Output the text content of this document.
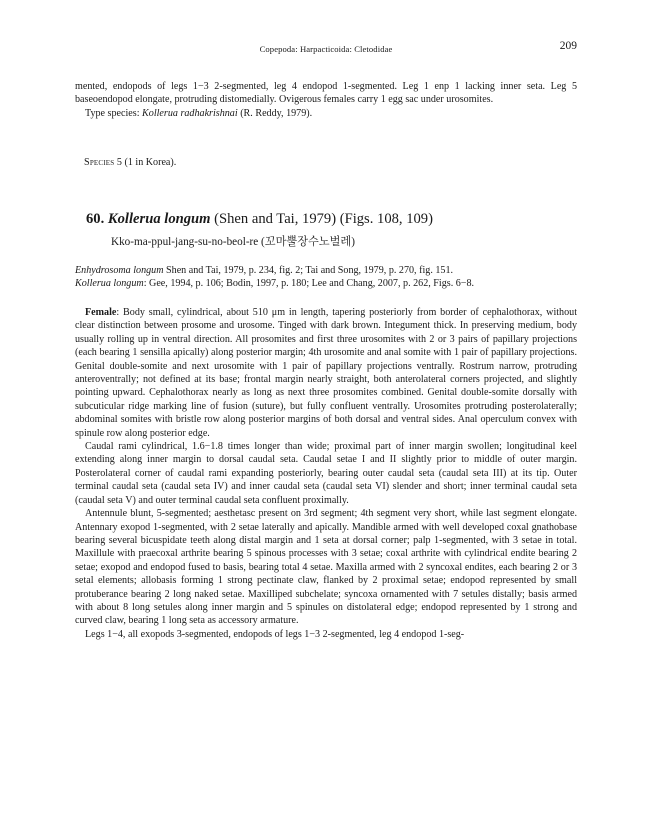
Copepoda: Harpacticoida: Cletodidae	209

mented, endopods of legs 1−3 2-segmented, leg 4 endopod 1-segmented. Leg 1 enp 1 lacking inner seta. Leg 5 baseoendopod elongate, protruding distomedially. Ovigerous females carry 1 egg sac under urosomites.

Type species: Kollerua radhakrishnai (R. Reddy, 1979).

Species 5 (1 in Korea).
60. Kollerua longum (Shen and Tai, 1979) (Figs. 108, 109)
Kko-ma-ppul-jang-su-no-beol-re (꼬마뿔장수노벌레)

Enhydrosoma longum Shen and Tai, 1979, p. 234, fig. 2; Tai and Song, 1979, p. 270, fig. 151.

Kollerua longum: Gee, 1994, p. 106; Bodin, 1997, p. 180; Lee and Chang, 2007, p. 262, Figs. 6−8.

Female: Body small, cylindrical, about 510 μm in length, tapering posteriorly from border of cephalothorax, without clear distinction between prosome and urosome. Tinged with dark brown. Integument thick. In preserving medium, body usually rolling up in ventral direction. All prosomites and first three urosomites with 2 or 3 pairs of papillary projections (each bearing 1 sensilla apically) along posterior margin; 4th urosomite and anal somite with 1 pair of papillary projections. Genital double-somite and next urosomite with 1 pair of papillary projections ventrally. Rostrum narrow, protruding anteroventrally; not defined at its base; frontal margin nearly straight, both anterolateral corners projected, and slightly pointing upward. Cephalothorax nearly as long as next three prosomites combined. Genital double-somite dorsally with subcuticular ridge marking line of fusion (suture), but fully confluent ventrally. Urosomites protruding posterolaterally; abdominal somites with bristle row along posterior margins of both dorsal and ventral sides. Anal operculum convex with spinule row along posterior edge.

Caudal rami cylindrical, 1.6−1.8 times longer than wide; proximal part of inner margin swollen; longitudinal keel extending along inner margin to dorsal caudal seta. Caudal setae I and II slightly prior to middle of outer margin. Posterolateral corner of caudal rami expanding posteriorly, bearing outer caudal seta (caudal seta III) at its tip. Outer terminal caudal seta (caudal seta IV) and inner caudal seta (caudal seta VI) slender and short; inner terminal caudal seta (caudal seta V) and outer terminal caudal seta confluent proximally.

Antennule blunt, 5-segmented; aesthetasc present on 3rd segment; 4th segment very short, while last segment elongate. Antennary exopod 1-segmented, with 2 setae laterally and apically. Mandible armed with well developed coxal gnathobase bearing several bicuspidate teeth along distal margin and 1 seta at dorsal corner; palp 1-segmented, with 3 setae in total. Maxillule with praecoxal arthrite bearing 5 spinous processes with 3 setae; coxal arthrite with cylindrical endite bearing 2 setae; exopod and endopod fused to basis, bearing total 4 setae. Maxilla armed with 2 syncoxal endites, each bearing 2 or 3 setal elements; allobasis forming 1 strong pectinate claw, flanked by 2 proximal setae; endopod represented by small protuberance bearing 2 long naked setae. Maxilliped subchelate; syncoxa ornamented with 7 setules distally; basis armed with about 8 long setules along inner margin and 5 spinules on distolateral edge; endopod represented by 1 strong and curved claw, bearing 1 long seta as accessory armature.

Legs 1−4, all exopods 3-segmented, endopods of legs 1−3 2-segmented, leg 4 endopod 1-seg-
